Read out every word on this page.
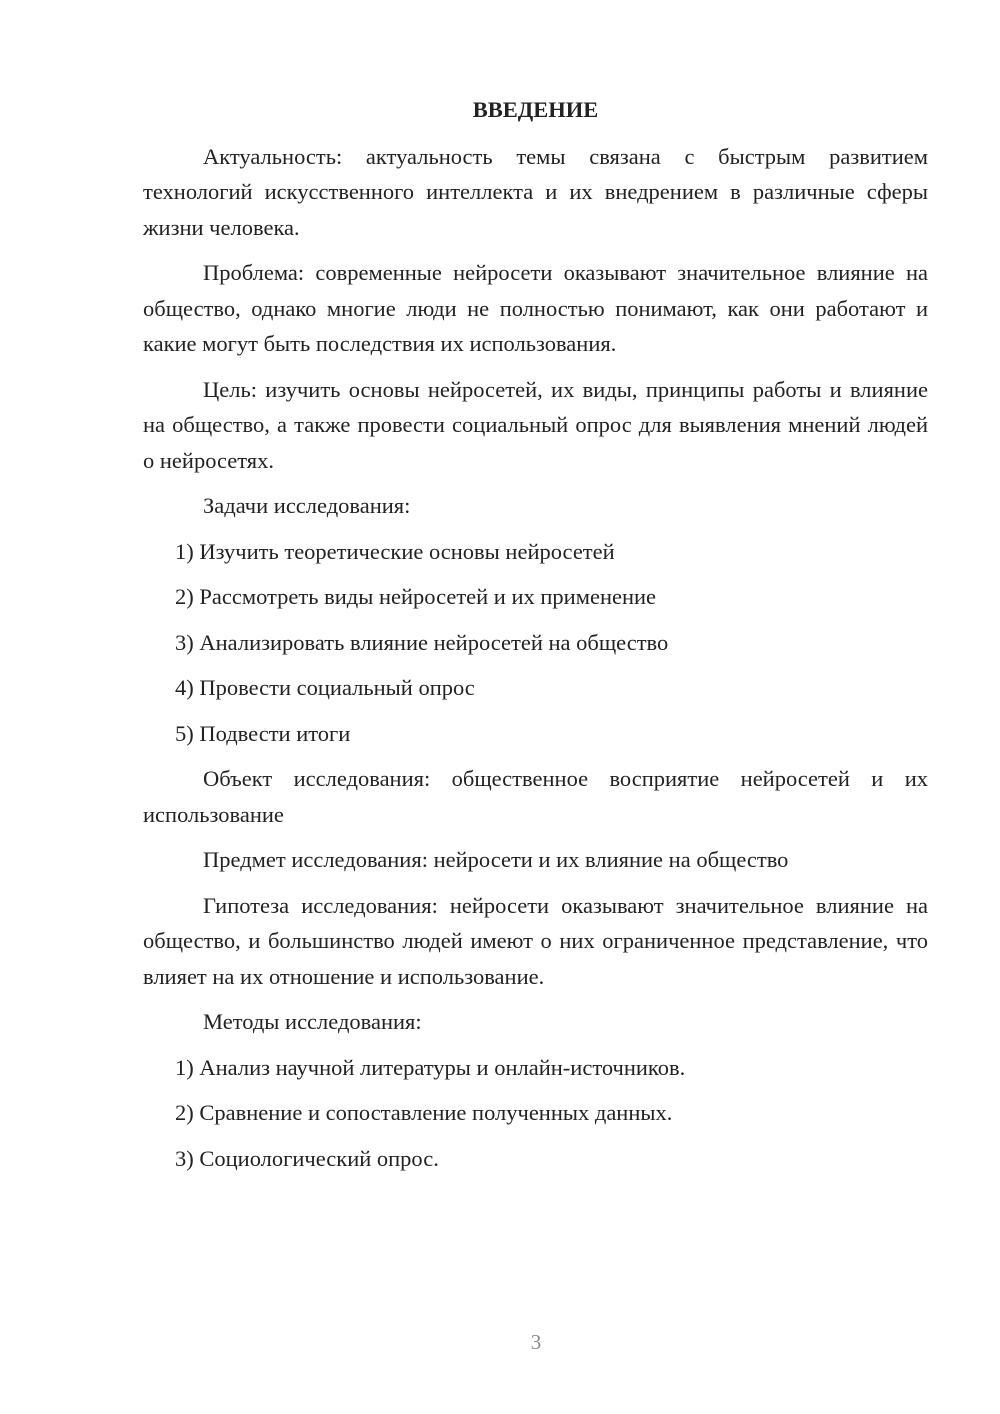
ВВЕДЕНИЕ

Актуальность: актуальность темы связана с быстрым развитием технологий искусственного интеллекта и их внедрением в различные сферы жизни человека.

Проблема: современные нейросети оказывают значительное влияние на общество, однако многие люди не полностью понимают, как они работают и какие могут быть последствия их использования.

Цель: изучить основы нейросетей, их виды, принципы работы и влияние на общество, а также провести социальный опрос для выявления мнений людей о нейросетях.

Задачи исследования:

1) Изучить теоретические основы нейросетей
2) Рассмотреть виды нейросетей и их применение
3) Анализировать влияние нейросетей на общество
4) Провести социальный опрос
5) Подвести итоги

Объект исследования: общественное восприятие нейросетей и их использование

Предмет исследования: нейросети и их влияние на общество

Гипотеза исследования: нейросети оказывают значительное влияние на общество, и большинство людей имеют о них ограниченное представление, что влияет на их отношение и использование.

Методы исследования:

1) Анализ научной литературы и онлайн-источников.
2) Сравнение и сопоставление полученных данных.
3) Социологический опрос.
3
